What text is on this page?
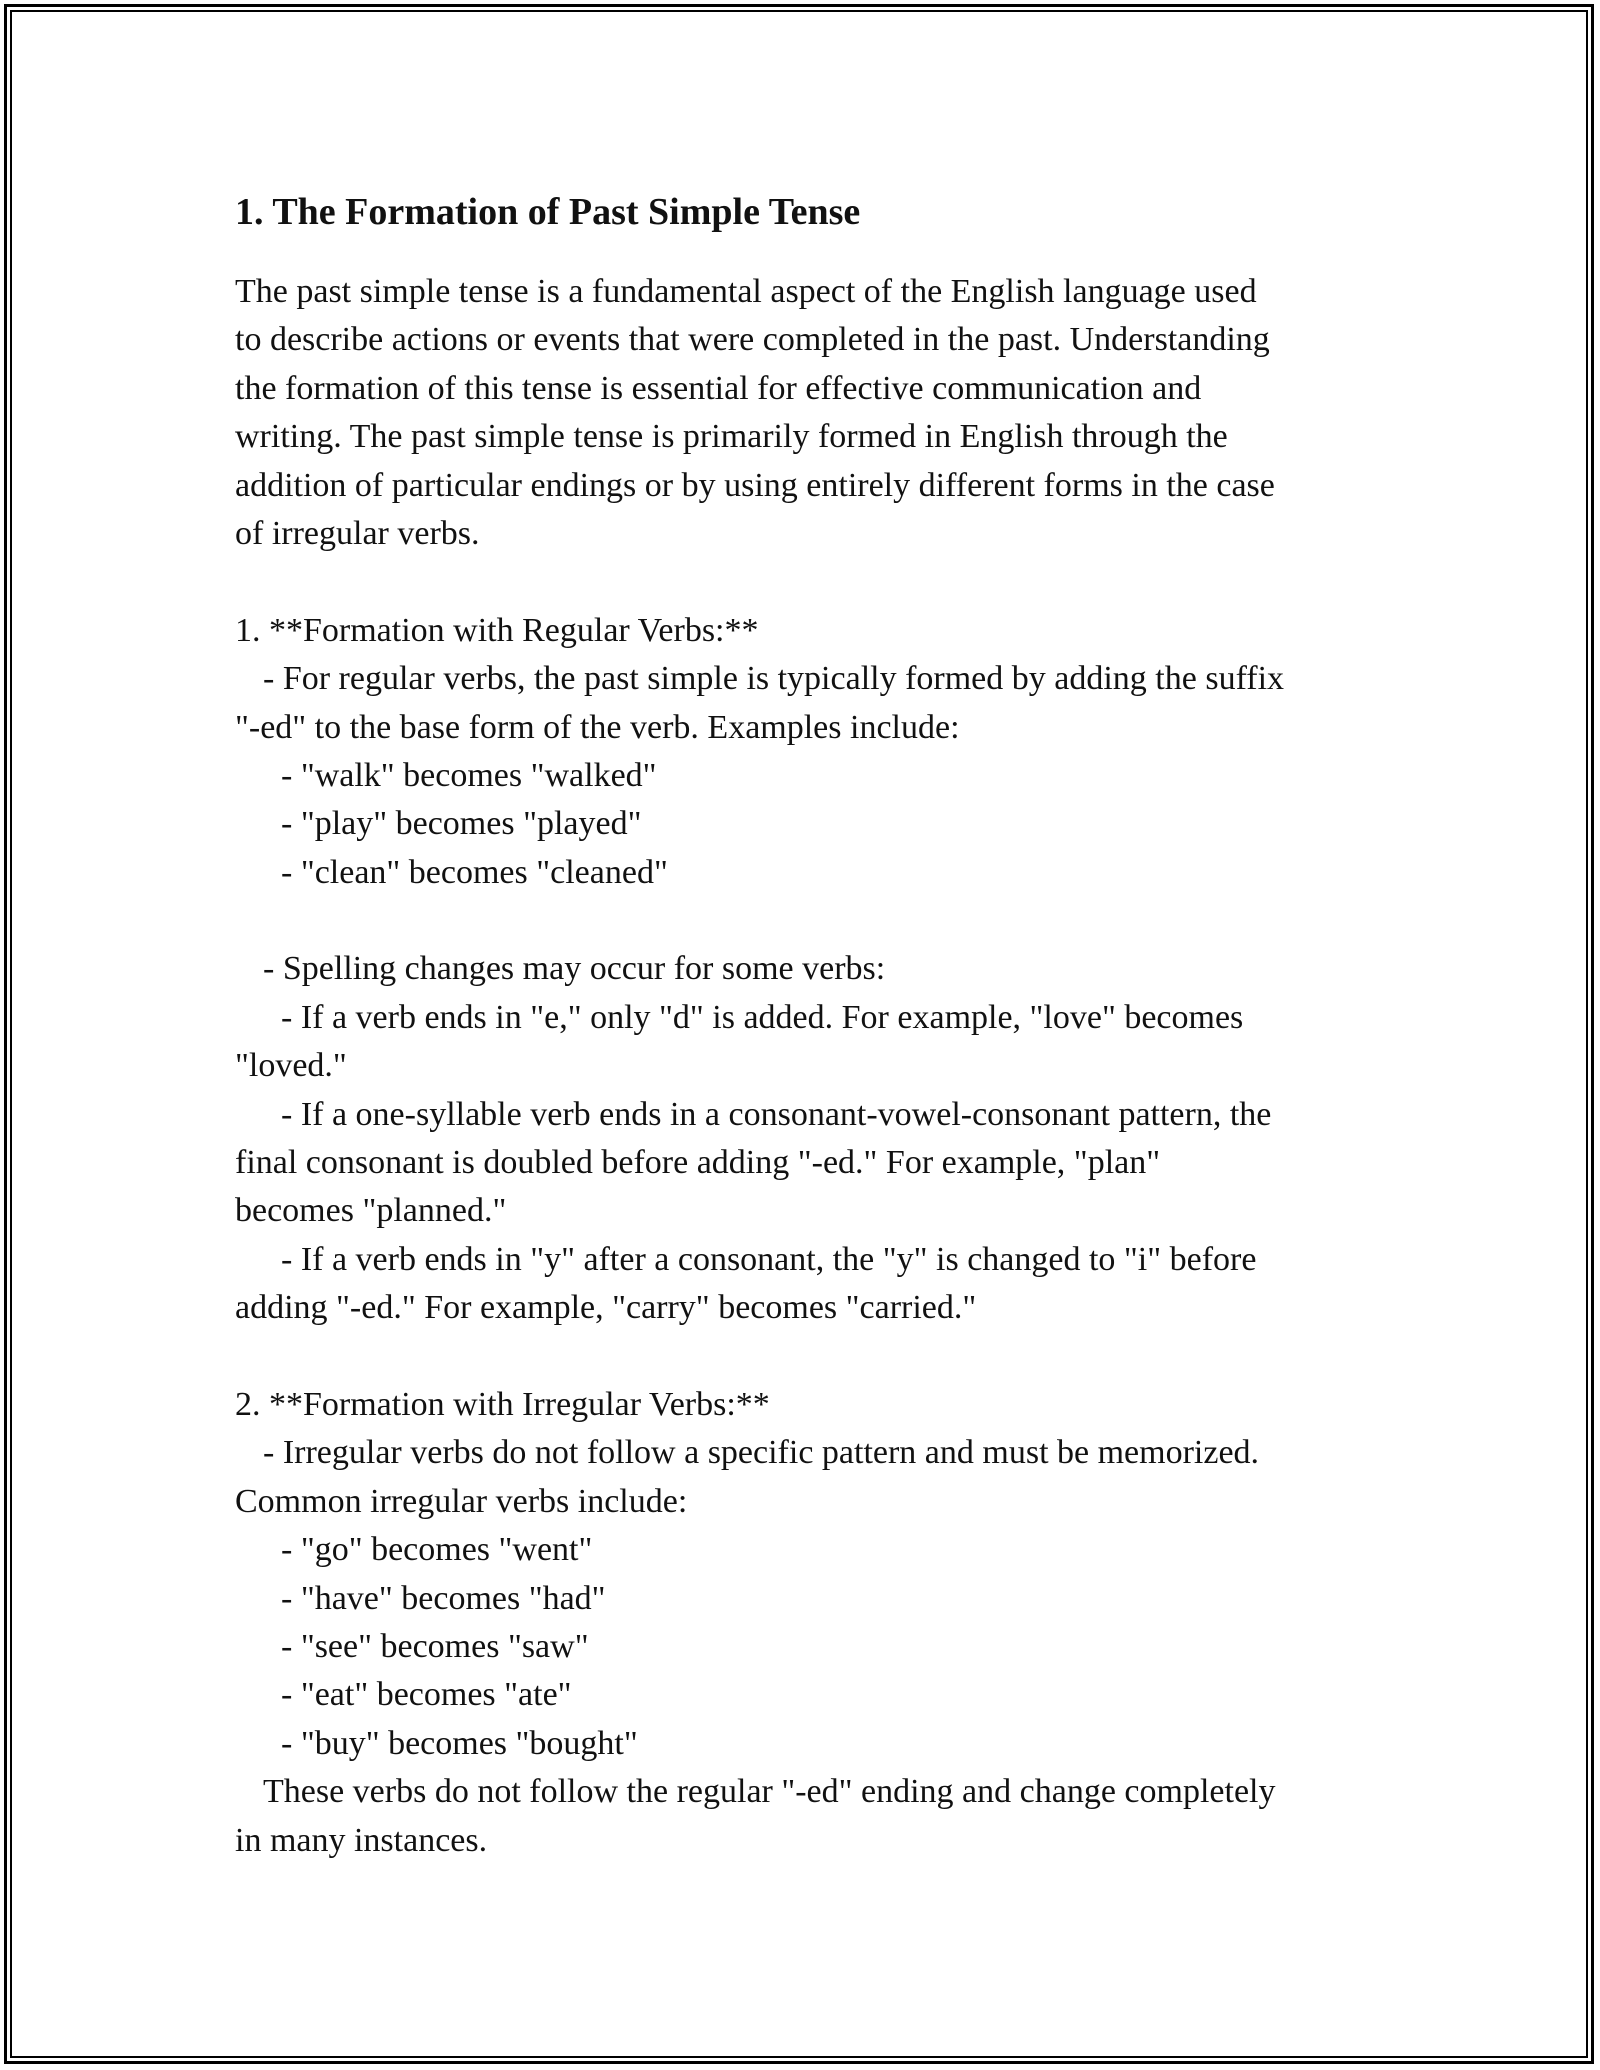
1. The Formation of Past Simple Tense
The past simple tense is a fundamental aspect of the English language used
to describe actions or events that were completed in the past. Understanding
the formation of this tense is essential for effective communication and
writing. The past simple tense is primarily formed in English through the
addition of particular endings or by using entirely different forms in the case
of irregular verbs.
1. **Formation with Regular Verbs:**
- For regular verbs, the past simple is typically formed by adding the suffix
"-ed" to the base form of the verb. Examples include:
- "walk" becomes "walked"
- "play" becomes "played"
- "clean" becomes "cleaned"
- Spelling changes may occur for some verbs:
- If a verb ends in "e," only "d" is added. For example, "love" becomes
"loved."
- If a one-syllable verb ends in a consonant-vowel-consonant pattern, the
final consonant is doubled before adding "-ed." For example, "plan"
becomes "planned."
- If a verb ends in "y" after a consonant, the "y" is changed to "i" before
adding "-ed." For example, "carry" becomes "carried."
2. **Formation with Irregular Verbs:**
- Irregular verbs do not follow a specific pattern and must be memorized.
Common irregular verbs include:
- "go" becomes "went"
- "have" becomes "had"
- "see" becomes "saw"
- "eat" becomes "ate"
- "buy" becomes "bought"
These verbs do not follow the regular "-ed" ending and change completely
in many instances.
